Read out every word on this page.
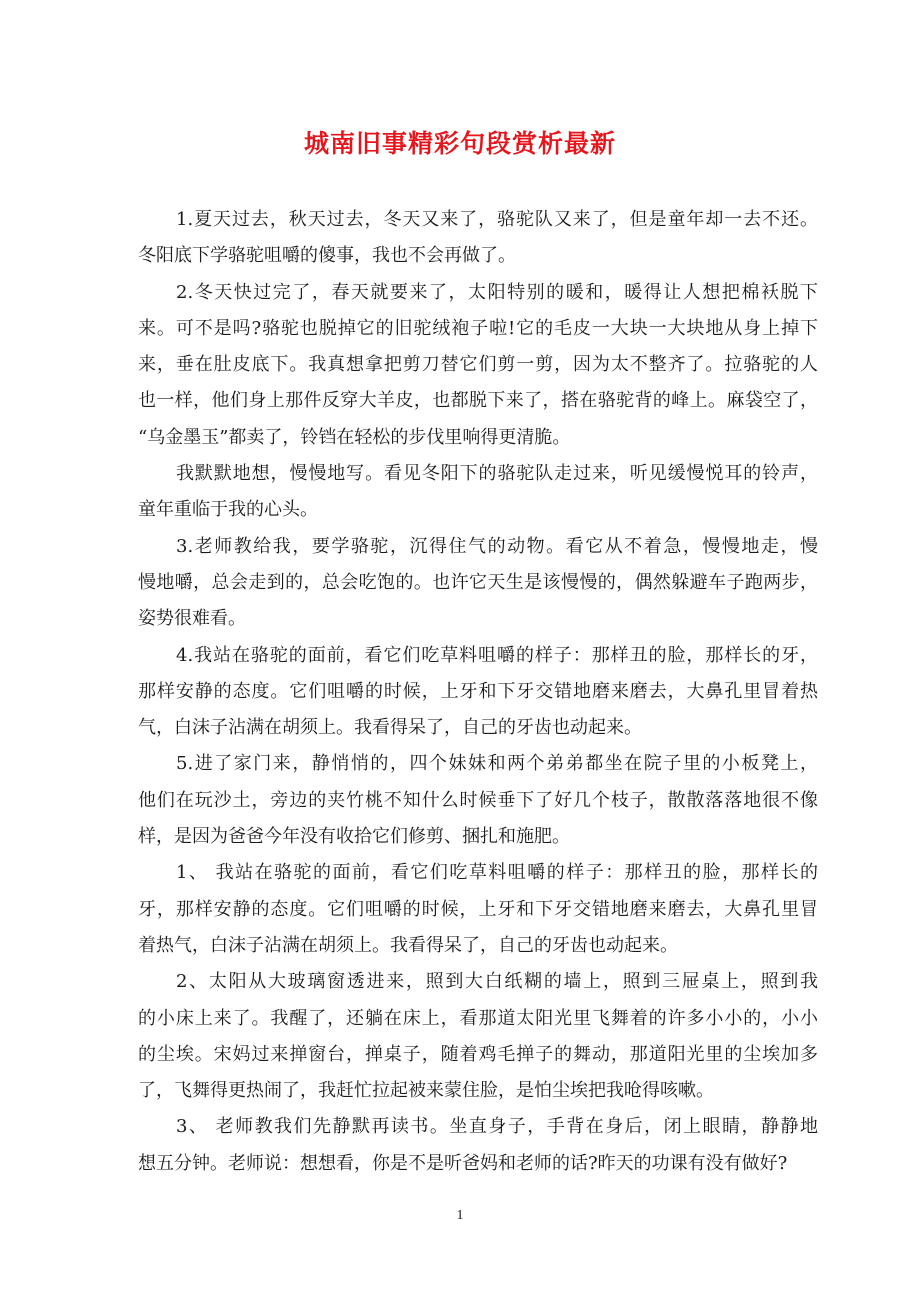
城南旧事精彩句段赏析最新
1.夏天过去，秋天过去，冬天又来了，骆驼队又来了，但是童年却一去不还。
冬阳底下学骆驼咀嚼的傻事，我也不会再做了。
2.冬天快过完了，春天就要来了，太阳特别的暖和，暖得让人想把棉袄脱下
来。可不是吗?骆驼也脱掉它的旧驼绒袍子啦!它的毛皮一大块一大块地从身上掉下
来，垂在肚皮底下。我真想拿把剪刀替它们剪一剪，因为太不整齐了。拉骆驼的人
也一样，他们身上那件反穿大羊皮，也都脱下来了，搭在骆驼背的峰上。麻袋空了，
“乌金墨玉”都卖了，铃铛在轻松的步伐里响得更清脆。
我默默地想，慢慢地写。看见冬阳下的骆驼队走过来，听见缓慢悦耳的铃声，
童年重临于我的心头。
3.老师教给我，要学骆驼，沉得住气的动物。看它从不着急，慢慢地走，慢
慢地嚼，总会走到的，总会吃饱的。也许它天生是该慢慢的，偶然躲避车子跑两步，
姿势很难看。
4.我站在骆驼的面前，看它们吃草料咀嚼的样子：那样丑的脸，那样长的牙，
那样安静的态度。它们咀嚼的时候，上牙和下牙交错地磨来磨去，大鼻孔里冒着热
气，白沫子沾满在胡须上。我看得呆了，自己的牙齿也动起来。
5.进了家门来，静悄悄的，四个妹妹和两个弟弟都坐在院子里的小板凳上，
他们在玩沙土，旁边的夹竹桃不知什么时候垂下了好几个枝子，散散落落地很不像
样，是因为爸爸今年没有收拾它们修剪、捆扎和施肥。
1、 我站在骆驼的面前，看它们吃草料咀嚼的样子：那样丑的脸，那样长的
牙，那样安静的态度。它们咀嚼的时候，上牙和下牙交错地磨来磨去，大鼻孔里冒
着热气，白沫子沾满在胡须上。我看得呆了，自己的牙齿也动起来。
2、太阳从大玻璃窗透进来，照到大白纸糊的墙上，照到三屉桌上，照到我
的小床上来了。我醒了，还躺在床上，看那道太阳光里飞舞着的许多小小的，小小
的尘埃。宋妈过来掸窗台，掸桌子，随着鸡毛掸子的舞动，那道阳光里的尘埃加多
了，飞舞得更热闹了，我赶忙拉起被来蒙住脸，是怕尘埃把我呛得咳嗽。
3、 老师教我们先静默再读书。坐直身子，手背在身后，闭上眼睛，静静地
想五分钟。老师说：想想看，你是不是听爸妈和老师的话?昨天的功课有没有做好?
1
